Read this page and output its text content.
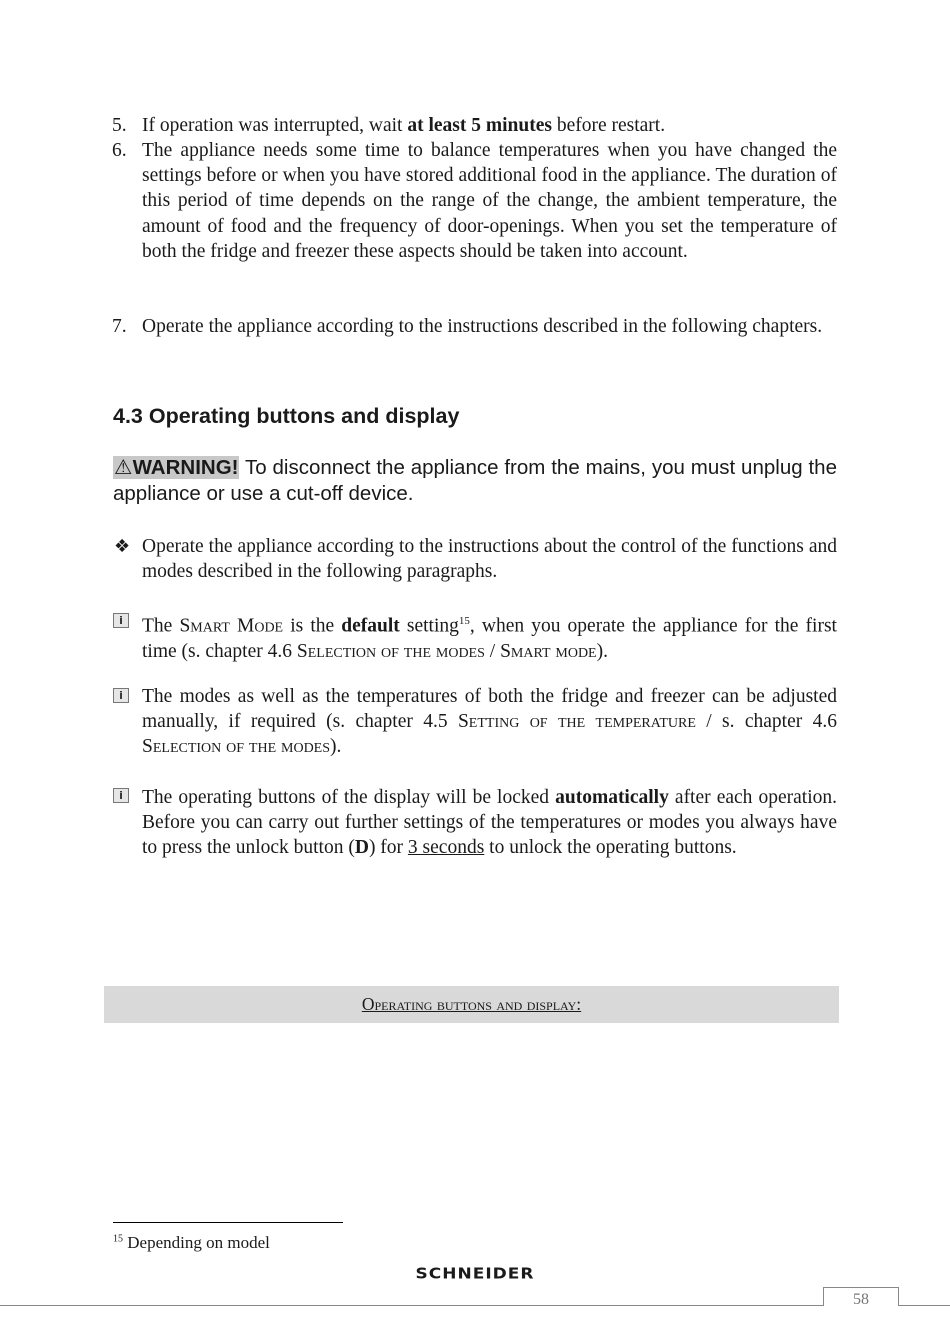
5. If operation was interrupted, wait at least 5 minutes before restart.
6. The appliance needs some time to balance temperatures when you have changed the settings before or when you have stored additional food in the appliance. The duration of this period of time depends on the range of the change, the ambient temperature, the amount of food and the frequency of door-openings. When you set the temperature of both the fridge and freezer these aspects should be taken into account.
7. Operate the appliance according to the instructions described in the following chapters.
4.3 Operating buttons and display
⚠WARNING! To disconnect the appliance from the mains, you must unplug the appliance or use a cut-off device.
❖ Operate the appliance according to the instructions about the control of the functions and modes described in the following paragraphs.
i The Smart Mode is the default setting$^{15}$, when you operate the appliance for the first time (s. chapter 4.6 Selection of the modes / Smart mode).
i The modes as well as the temperatures of both the fridge and freezer can be adjusted manually, if required (s. chapter 4.5 Setting of the temperature / s. chapter 4.6 Selection of the modes).
i The operating buttons of the display will be locked automatically after each operation. Before you can carry out further settings of the temperatures or modes you always have to press the unlock button (D) for 3 seconds to unlock the operating buttons.
Operating buttons and display:
$^{15}$ Depending on model
SCHNEIDER
58
